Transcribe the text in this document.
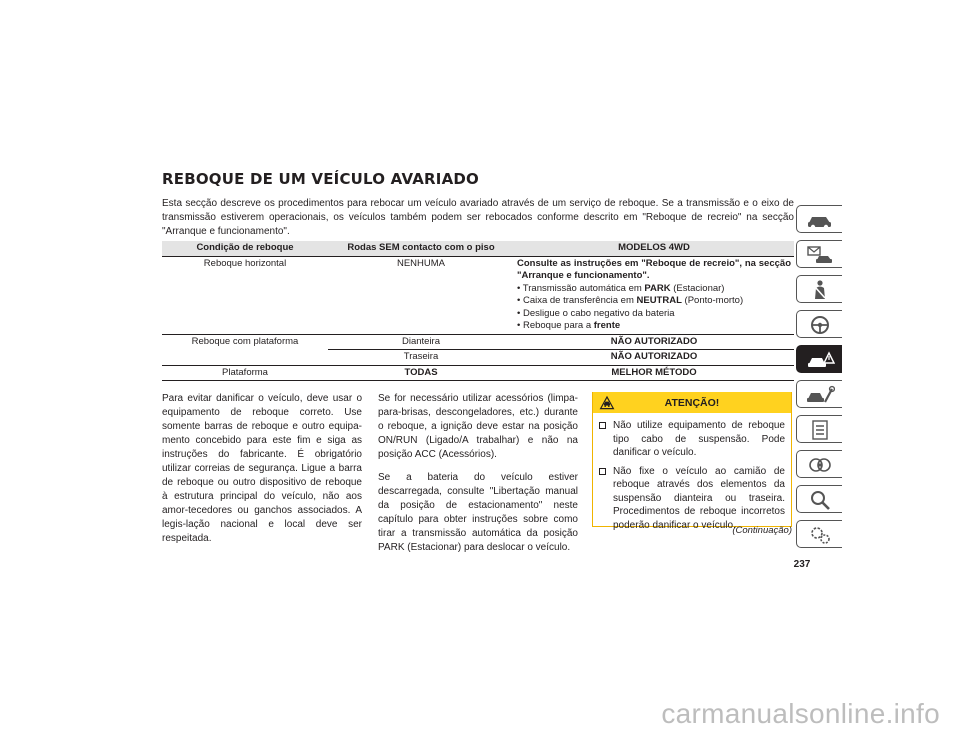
REBOQUE DE UM VEÍCULO AVARIADO

Esta secção descreve os procedimentos para rebocar um veículo avariado através de um serviço de reboque. Se a transmissão e o eixo de transmissão estiverem operacionais, os veículos também podem ser rebocados conforme descrito em "Reboque de recreio" na secção "Arranque e funcionamento".

Condição de reboque	Rodas SEM contacto com o piso	MODELOS 4WD
Reboque horizontal	NENHUMA	Consulte as instruções em "Reboque de recreio", na secção "Arranque e funcionamento".
• Transmissão automática em PARK (Estacionar)
• Caixa de transferência em NEUTRAL (Ponto-morto)
• Desligue o cabo negativo da bateria
• Reboque para a frente

Reboque com plataforma	Dianteira	NÃO AUTORIZADO
	Traseira	NÃO AUTORIZADO
Plataforma	TODAS	MELHOR MÉTODO

Para evitar danificar o veículo, deve usar o equipamento de reboque correto. Use somente barras de reboque e outro equipa-mento concebido para este fim e siga as instruções do fabricante. É obrigatório utilizar correias de segurança. Ligue a barra de reboque ou outro dispositivo de reboque à estrutura principal do veículo, não aos amor-tecedores ou ganchos associados. A legis-lação nacional e local deve ser respeitada.

Se for necessário utilizar acessórios (limpa-para-brisas, descongeladores, etc.) durante o reboque, a ignição deve estar na posição ON/RUN (Ligado/A trabalhar) e não na posição ACC (Acessórios).

Se a bateria do veículo estiver descarregada, consulte "Libertação manual da posição de estacionamento" neste capítulo para obter instruções sobre como tirar a transmissão automática da posição PARK (Estacionar) para deslocar o veículo.

ATENÇÃO!
Não utilize equipamento de reboque tipo cabo de suspensão. Pode danificar o veículo.
Não fixe o veículo ao camião de reboque através dos elementos da suspensão dianteira ou traseira. Procedimentos de reboque incorretos poderão danificar o veículo.
(Continuação)
237
carmanualsonline.info
